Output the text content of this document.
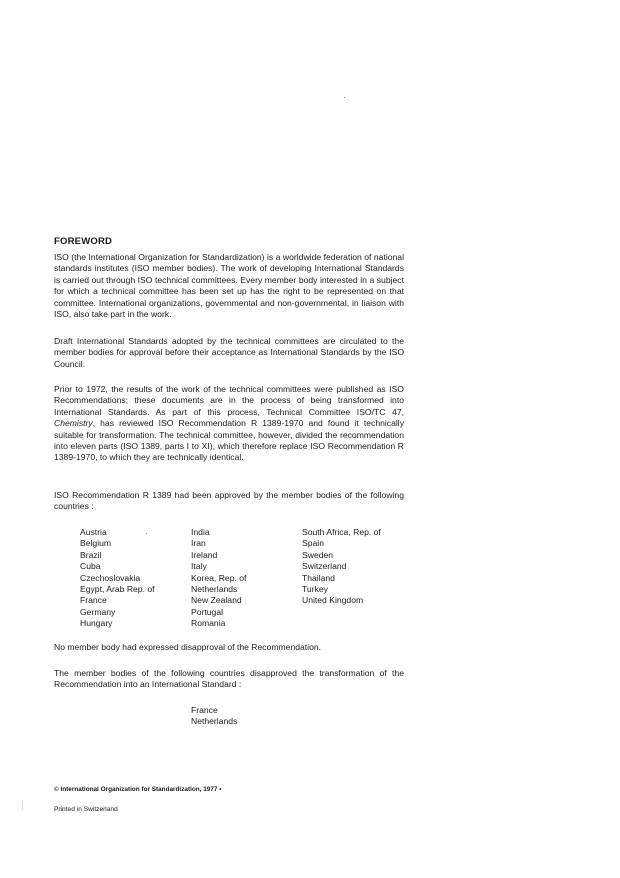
FOREWORD

ISO (the International Organization for Standardization) is a worldwide federation of national standards institutes (ISO member bodies). The work of developing International Standards is carried out through ISO technical committees. Every member body interested in a subject for which a technical committee has been set up has the right to be represented on that committee. International organizations, governmental and non-governmental, in liaison with ISO, also take part in the work.

Draft International Standards adopted by the technical committees are circulated to the member bodies for approval before their acceptance as International Standards by the ISO Council.

Prior to 1972, the results of the work of the technical committees were published as ISO Recommendations; these documents are in the process of being transformed into International Standards. As part of this process, Technical Committee ISO/TC 47, Chemistry, has reviewed ISO Recommendation R 1389-1970 and found it technically suitable for transformation. The technical committee, however, divided the recommendation into eleven parts (ISO 1389, parts I to XI), which therefore replace ISO Recommendation R 1389-1970, to which they are technically identical.

ISO Recommendation R 1389 had been approved by the member bodies of the following countries :

Austria
Belgium
Brazil
Cuba
Czechoslovakia
Egypt, Arab Rep. of
France
Germany
Hungary
India
Iran
Ireland
Italy
Korea, Rep. of
Netherlands
New Zealand
Portugal
Romania
South Africa, Rep. of
Spain
Sweden
Switzerland
Thailand
Turkey
United Kingdom

No member body had expressed disapproval of the Recommendation.

The member bodies of the following countries disapproved the transformation of the Recommendation into an International Standard :

France
Netherlands
© International Organization for Standardization, 1977 •
Printed in Switzerland
